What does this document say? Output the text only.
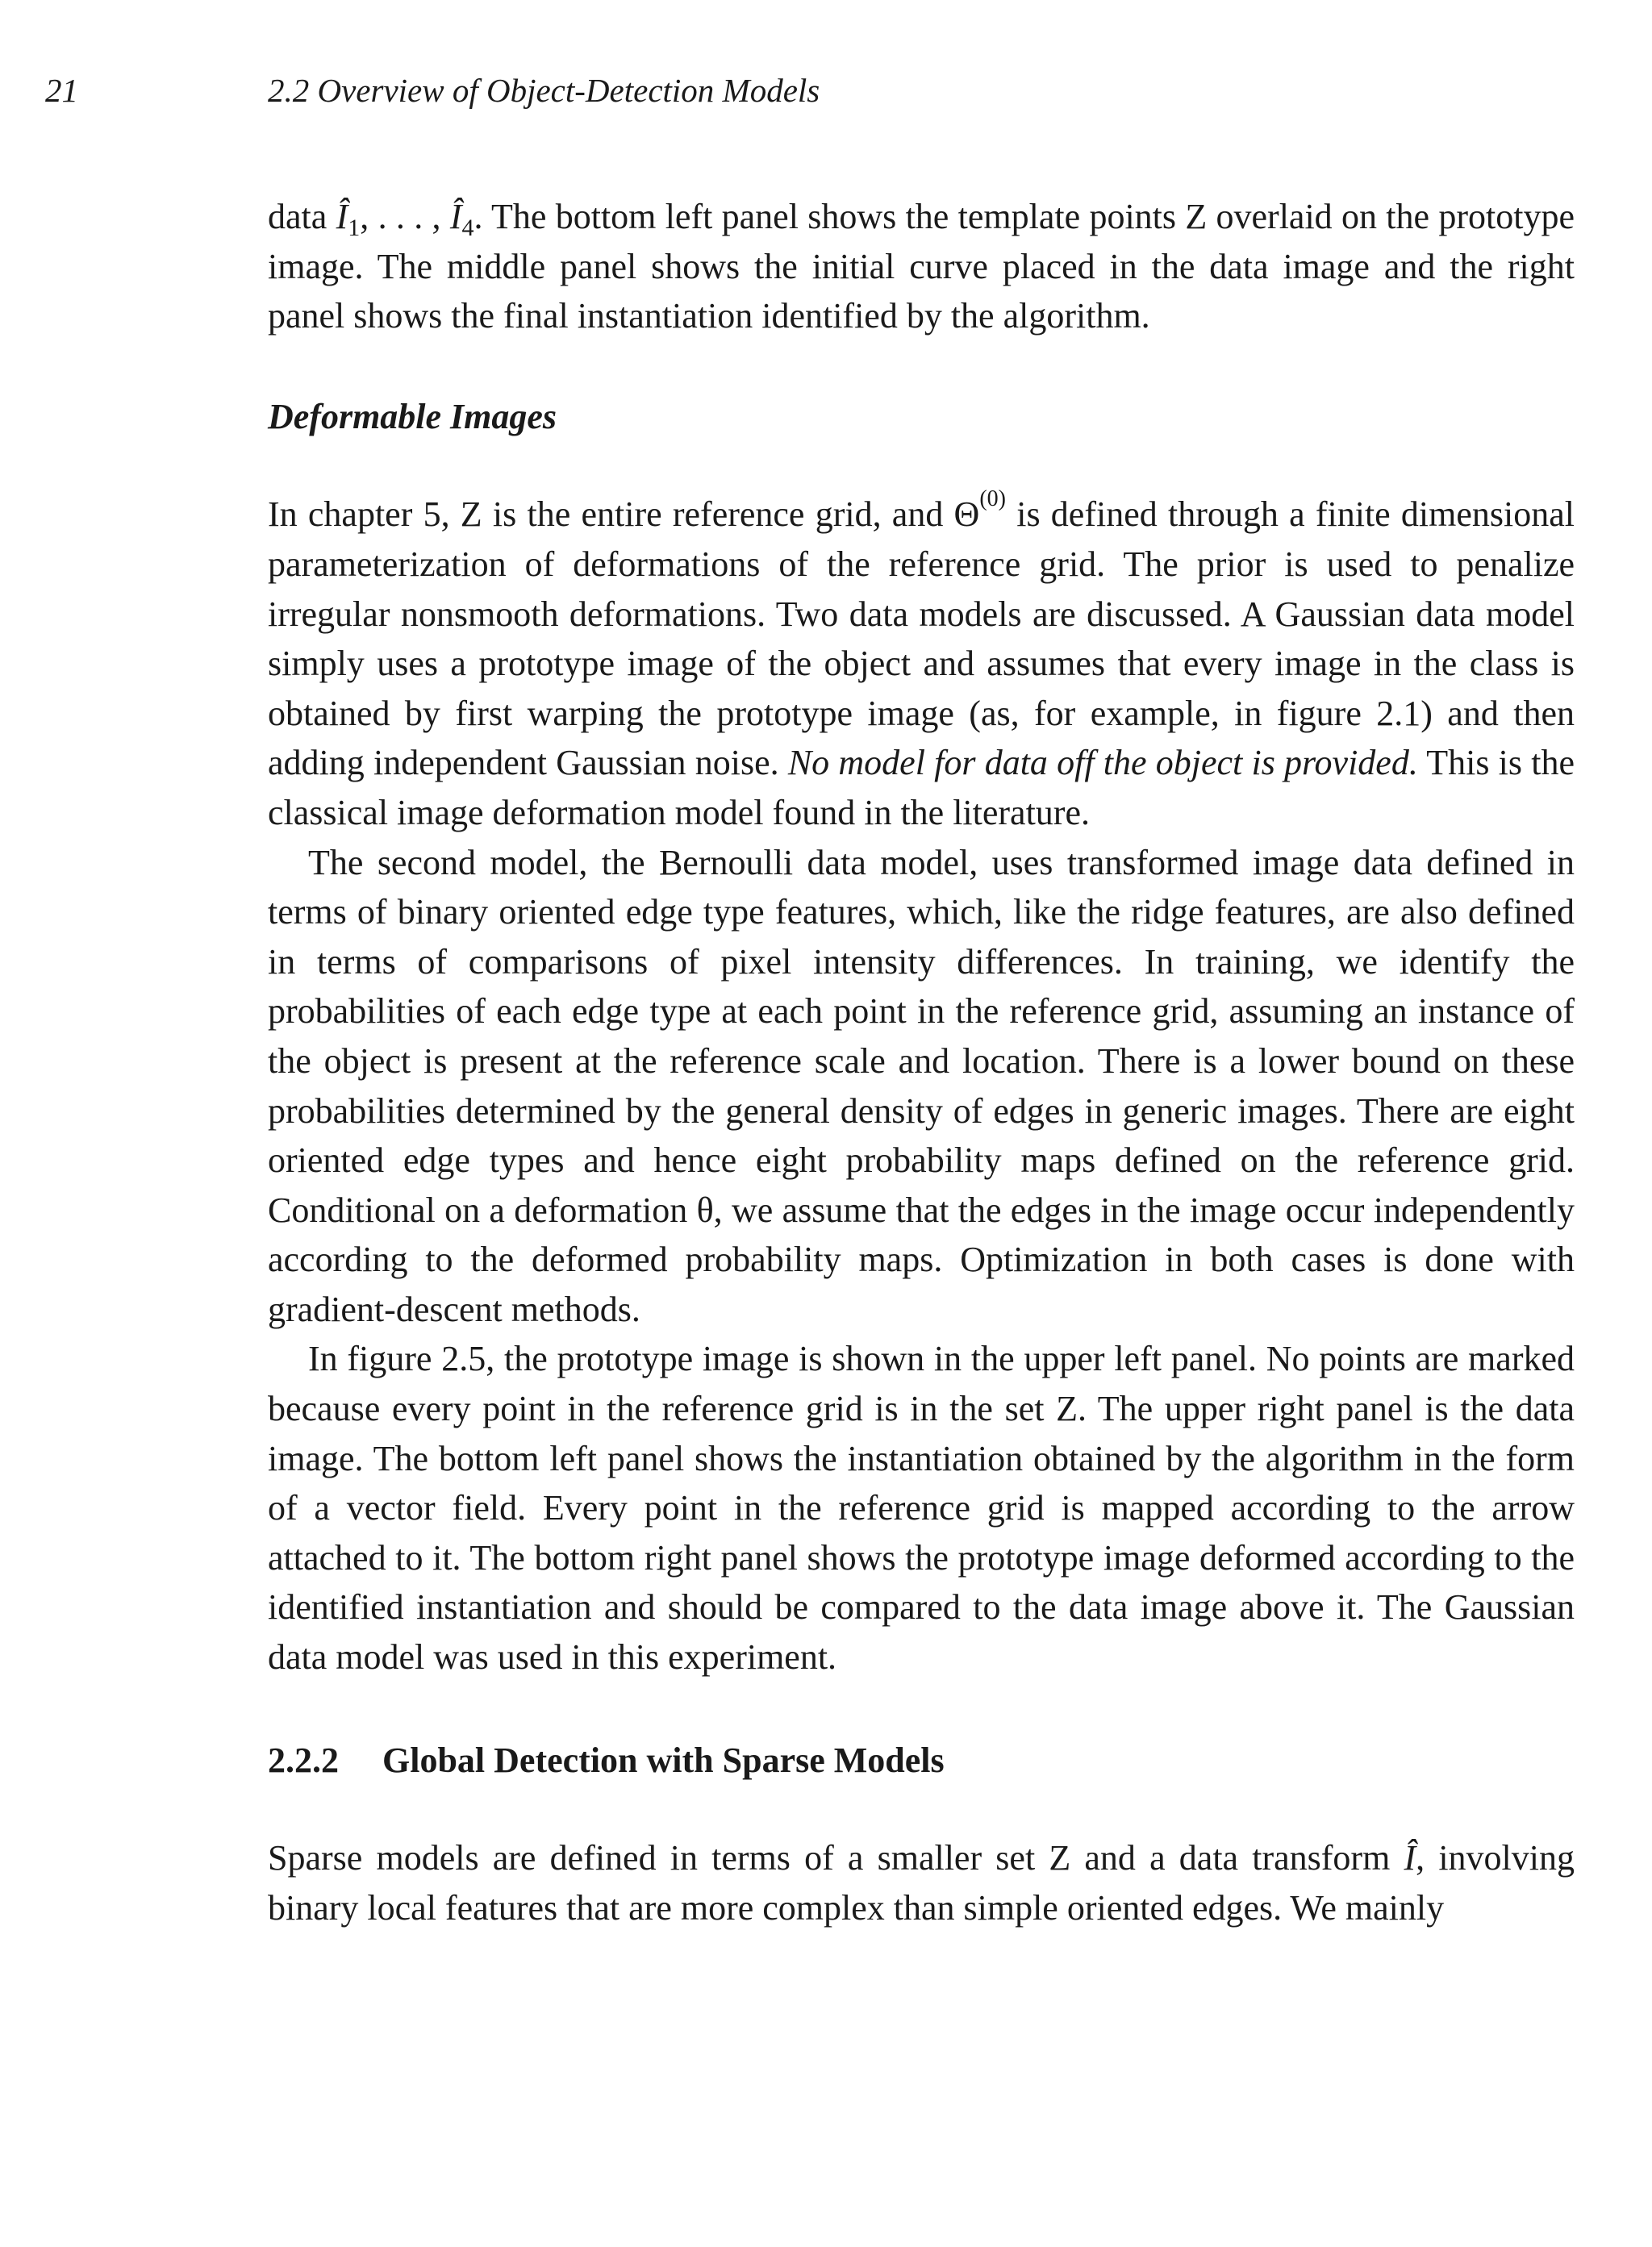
21	2.2 Overview of Object-Detection Models

data $Î_1$, . . . , $Î_4$. The bottom left panel shows the template points Z overlaid on the prototype image. The middle panel shows the initial curve placed in the data image and the right panel shows the final instantiation identified by the algorithm.

Deformable Images

In chapter 5, Z is the entire reference grid, and $\Theta^{(0)}$ is defined through a finite dimensional parameterization of deformations of the reference grid. The prior is used to penalize irregular nonsmooth deformations. Two data models are discussed. A Gaussian data model simply uses a prototype image of the object and assumes that every image in the class is obtained by first warping the prototype image (as, for example, in figure 2.1) and then adding independent Gaussian noise. No model for data off the object is provided. This is the classical image deformation model found in the literature.

The second model, the Bernoulli data model, uses transformed image data defined in terms of binary oriented edge type features, which, like the ridge features, are also defined in terms of comparisons of pixel intensity differences. In training, we identify the probabilities of each edge type at each point in the reference grid, assuming an instance of the object is present at the reference scale and location. There is a lower bound on these probabilities determined by the general density of edges in generic images. There are eight oriented edge types and hence eight probability maps defined on the reference grid. Conditional on a deformation θ, we assume that the edges in the image occur independently according to the deformed probability maps. Optimization in both cases is done with gradient-descent methods.

In figure 2.5, the prototype image is shown in the upper left panel. No points are marked because every point in the reference grid is in the set Z. The upper right panel is the data image. The bottom left panel shows the instantiation obtained by the algorithm in the form of a vector field. Every point in the reference grid is mapped according to the arrow attached to it. The bottom right panel shows the prototype image deformed according to the identified instantiation and should be compared to the data image above it. The Gaussian data model was used in this experiment.

2.2.2 Global Detection with Sparse Models

Sparse models are defined in terms of a smaller set Z and a data transform Î, involving binary local features that are more complex than simple oriented edges. We mainly
